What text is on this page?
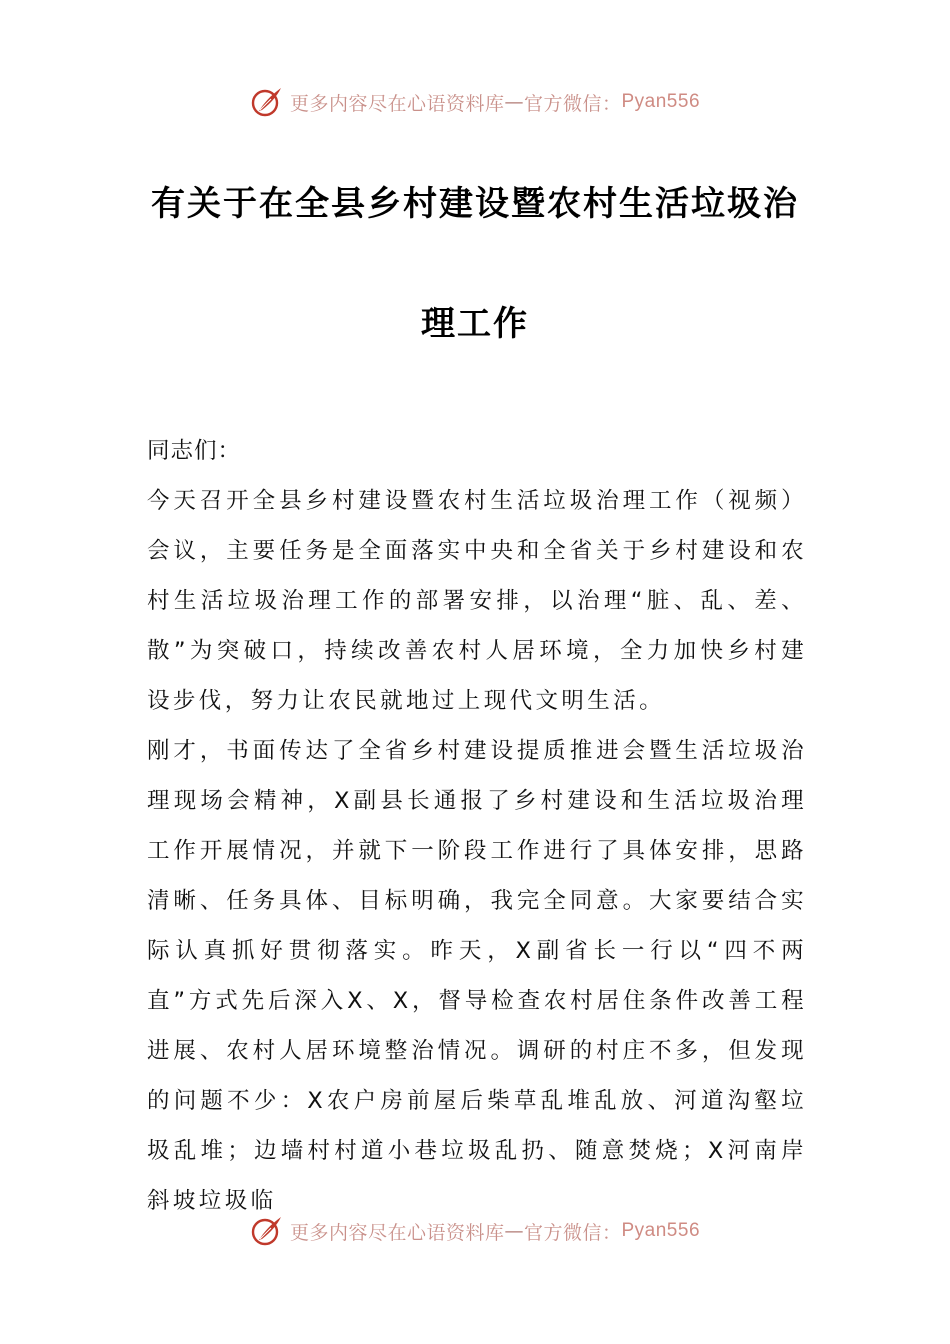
更多内容尽在心语资料库 — 官方微信： Pyan556
有关于在全县乡村建设暨农村生活垃圾治
理工作

同志们：

今天召开全县乡村建设暨农村生活垃圾治理工作（视频）会议，主要任务是全面落实中央和全省关于乡村建设和农村生活垃圾治理工作的部署安排，以治理“脏、乱、差、散”为突破口，持续改善农村人居环境，全力加快乡村建设步伐，努力让农民就地过上现代文明生活。

刚才，书面传达了全省乡村建设提质推进会暨生活垃圾治理现场会精神，X副县长通报了乡村建设和生活垃圾治理工作开展情况，并就下一阶段工作进行了具体安排，思路清晰、任务具体、目标明确，我完全同意。大家要结合实际认真抓好贯彻落实。昨天，X副省长一行以“四不两直”方式先后深入X、X，督导检查农村居住条件改善工程进展、农村人居环境整治情况。调研的村庄不多，但发现的问题不少：X农户房前屋后柴草乱堆乱放、河道沟壑垃圾乱堆；边墙村村道小巷垃圾乱扔、随意焚烧；X河南岸斜坡垃圾临

更多内容尽在心语资料库 — 官方微信： Pyan556
